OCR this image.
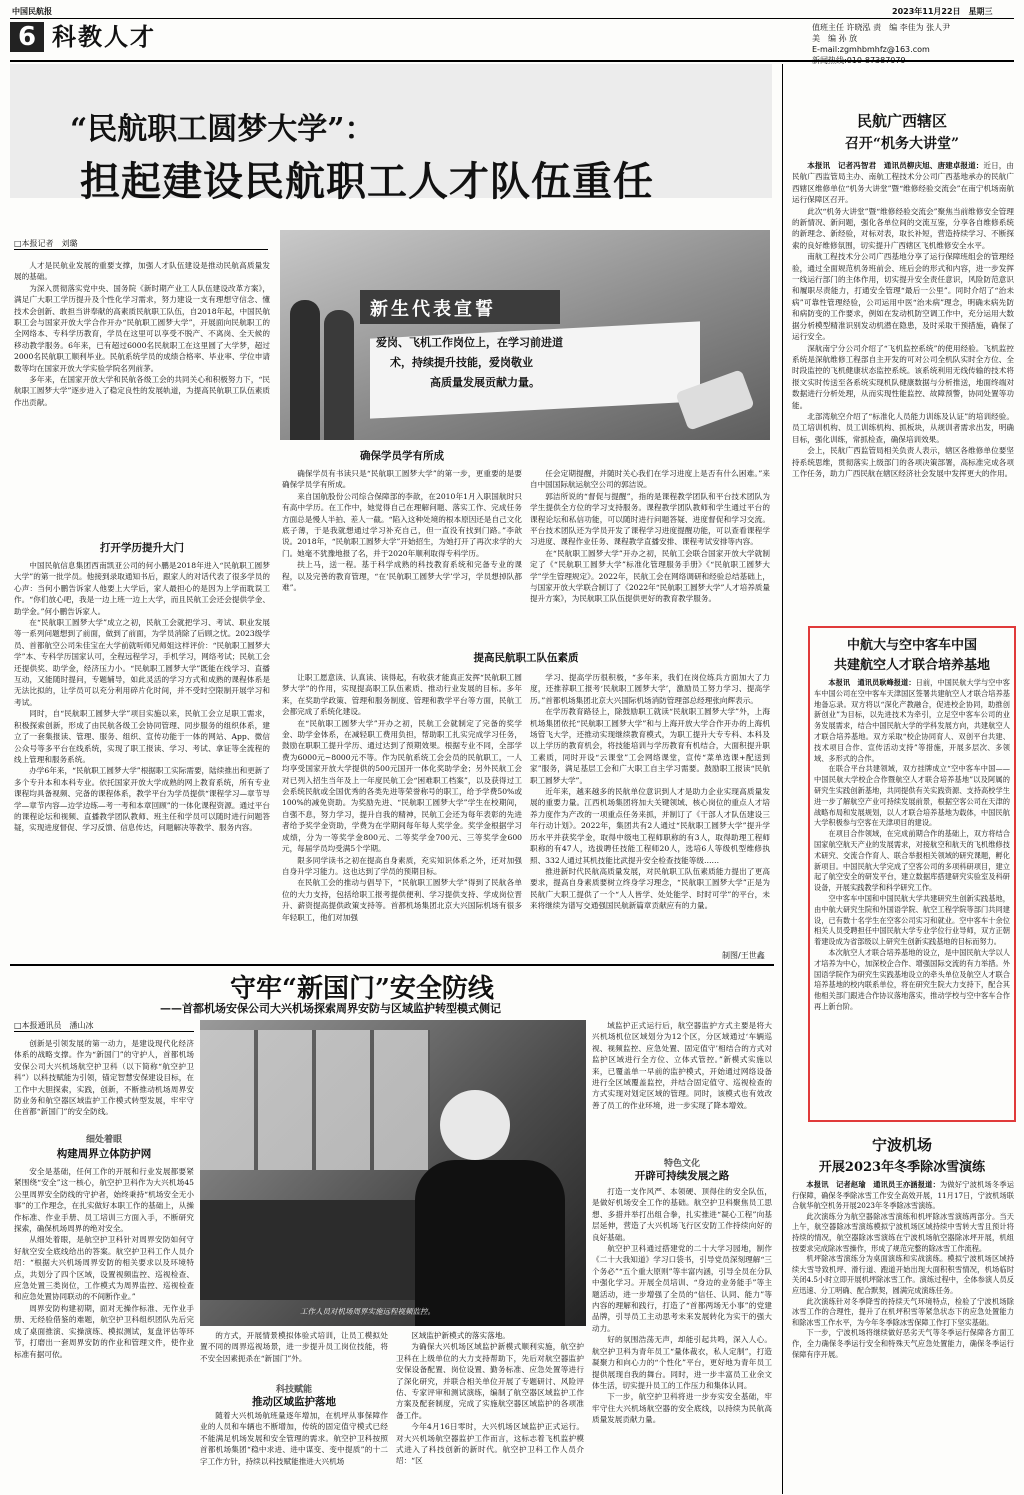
中国民航报	2023年11月22日　 星期三
6 科教人才	值班主任 许晓泓 责　编 李佳为 张人尹
美　编 孙 放
E-mail:zgmhbmhfz@163.com
“民航职工圆梦大学”：
担起建设民航职工人才队伍重任
□本报记者　刘璐

人才是民航业发展的重要支撑，加强人才队伍建设是推动民航高质量发展的基础。

为深入贯彻落实党中央、国务院《新时期产业工人队伍建设改革方案》，满足广大职工学历提升及个性化学习需求，努力建设一支有理想守信念、懂技术会创新、敢担当讲奉献的高素质民航职工队伍，自2018年起，中国民航职工会与国家开放大学合作开办“民航职工圆梦大学”，开展面向民航职工的全网络本、专科学历教育，学员在这里可以享受不脱产、不离岗、全天候的移动教学服务。6年来，已有超过6000名民航职工在这里圆了大学梦，超过2000名民航职工顺利毕业。民航系统学员的成绩合格率、毕业率、学位申请数等均在国家开放大学实验学院名列前茅。

多年来，在国家开放大学和民航各级工会的共同关心和积极努力下，“民航职工圆梦大学”逐步进入了稳定良性的发展轨道，为提高民航职工队伍素质作出贡献。

新生代表宣誓
爱岗、飞机工作岗位上，在学习前进道
术，持续提升技能，爱岗敬业
高质量发展贡献力量。
打开学历提升大门

中国民航信息集团西南凯亚公司的何小鹏是2018年进入“民航职工圆梦大学”的第一批学员。他接到录取通知书后，跟家人的对话代表了很多学员的心声：当何小鹏告诉家人他要上大学后，家人最担心的是因为上学而耽误工作。“你们放心吧，我是一边上班一边上大学，而且民航工会还会提供学金、助学金。”何小鹏告诉家人。

在“民航职工圆梦大学”成立之初，民航工会就把学习、考试、职业发展等一系列问题想到了前面，做到了前面，为学员消除了后顾之忧。2023级学员、首都航空公司朱佳宝在大学前就听师兄师姐这样评价：“民航职工圆梦大学”本、专科学历国家认可，全程远程学习，手机学习，网络考试；民航工会还提供奖、助学金，经济压力小。“民航职工圆梦大学”既能在线学习、直播互动，又能随时提问，专题辅导，如此灵活的学习方式和成熟的课程体系是无法比拟的，让学员可以充分利用碎片化时间，并不受时空限制开展学习和考试。

同时，自“民航职工圆梦大学”项目实施以来，民航工会立足职工需求，积极探索创新，形成了由民航各级工会协同管理、同步服务的组织体系，建立了一套集报读、管理、服务、组织、宣传功能于一体的网站、App、微信公众号等多平台在线系统，实现了职工报读、学习、考试、拿证等全流程的线上管理和服务系统。

办学6年来，“民航职工圆梦大学”根据职工实际需要，陆续推出和更新了多个专升本和本科专业。依托国家开放大学成熟的网上教育系统，所有专业课程均具备视频、完备的课程体系，教学平台为学员提供“课程学习—章节导学—章节内容—边学边练—考一考和本章回顾”的一体化课程资源。通过平台的课程论坛和视频、直播教学团队教师、班主任和学员可以随时进行问题答疑，实现进度督促、学习反馈、信息传达，问题解决等教学、服务内容。

确保学员学有所成

确保学员有书读只是“民航职工圆梦大学”的第一步，更重要的是要确保学员学有所成。

来自国航股份公司综合保障部的李歆，在2010年1月入职国航时只有高中学历。在工作中，她觉得自己在理解问题、落实工作、完成任务方面总是慢人半拍、差人一截。“陷入这种处境的根本原因还是自己文化底子薄，于是我就想通过学习补充自己，但一直没有找到门路。”李歆说。2018年，“民航职工圆梦大学”开始招生，为她打开了再次求学的大门。她毫不犹豫地报了名，并于2020年顺利取得专科学历。

扶上马，送一程。基于科学成熟的科技教育系统和完备专业的课程，以及完善的教育管理，“在‘民航职工圆梦大学’学习，学员想掉队都难”。

任会定期提醒，并随时关心我们在学习进度上是否有什么困难。”来自中国国际航运航空公司的郭洁说。

郭洁所说的“督促与提醒”，指的是课程教学团队和平台技术团队为学生提供全方位的学习支持服务。课程教学团队教师和学生通过平台的课程论坛和私信功能，可以随时进行问题答疑、进度督促和学习交流。平台技术团队还为学员开发了课程学习进度提醒功能，可以查看课程学习进度、课程作业任务、课程教学直播安排、课程考试安排等内容。

在“民航职工圆梦大学”开办之初，民航工会联合国家开放大学就制定了《“民航职工圆梦大学”标准化管理服务手册》《“民航职工圆梦大学”学生管理规定》。2022年，民航工会在网络调研和经验总结基础上，与国家开放大学联合制订了《2022年“民航职工圆梦大学”人才培养质量提升方案》，为民航职工队伍提供更好的教育教学服务。

提高民航职工队伍素质

让职工愿意读、认真读、读得起，有收获才能真正发挥“民航职工圆梦大学”的作用，实现提高职工队伍素质、推动行业发展的目标。多年来，在奖助学政策、管理和服务制度、管理和教学平台等方面，民航工会都完成了系统化建设。

在“民航职工圆梦大学”开办之初，民航工会就制定了完备的奖学金、助学金体系，在减轻职工费用负担，帮助职工扎实完成学习任务，鼓励在职职工提升学历、通过达到了预期效果。根据专业不同，全部学费为6000元~8000元不等。作为民航系统工会会员的民航职工，一人均享受国家开放大学提供的500元国开一体化奖助学金；另外民航工会对已列入招生当年及上一年度民航工会“困难职工档案”，以及获得过工会系统民航或全国优秀的各类先进等荣誉称号的职工，给予学费50%或100%的减免资助。为奖励先进、“民航职工圆梦大学”学生在校期间，自强不息，努力学习，提升自我的精神，民航工会还为每年表彰的先进者给予奖学金资助，学费为在学期间每年每人奖学金。奖学金根据学习成绩，分为一等奖学金800元、二等奖学金700元、三等奖学金600元，每届学员均受满5个学期。

限多同学读书之初在提高自身素质，充实知识体系之外，还对加强自身升学习能力。这也达到了学员的预期目标。

在民航工会的推动与倡导下，“民航职工圆梦大学”得到了民航各单位的大力支持，包括给职工报考提供便利、学习提供支持、学成岗位晋升、薪资提高提供政策支持等。首都机场集团北京大兴国际机场有很多年轻职工，他们对加强

学习、提高学历很积极，“多年来，我们在岗位练兵方面加大了力度，还推荐职工报考‘民航职工圆梦大学’，激励员工努力学习、提高学历。”首都机场集团北京大兴国际机场消防管理部总经理张向辉表示。

在学历教育路径上，除鼓励职工就读“民航职工圆梦大学”外，上海机场集团依托“民航职工圆梦大学”和与上海开放大学合作开办的上海机场管飞大学，还推动实现继续教育模式，为职工提升大专专科、本科及以上学历的教育机会，将技能培训与学历教育有机结合，大面积提升职工素质，同时开设“云课堂”工会网络课堂，宣传“菜单选课+配送到家”服务，满足基层工会和广大职工自主学习需要。鼓励职工报读“民航职工圆梦大学”。

近年来，越来越多的民航单位意识到人才是助力企业实现高质量发展的重要力量。江西机场集团将加大关键领域、核心岗位的重点人才培养力度作为产改的一项重点任务来抓，并制订了《干部人才队伍建设三年行动计划》。2022年，集团共有2人通过“民航职工圆梦大学”提升学历水平并获奖学金，取得中级电工程师职称的有3人，取得助理工程师职称的有47人，选拔聘任技能工程师20人，选培6人等级机型维修执照、332人通过其机技能比武提升安全检查技能等级……

推进新时代民航高质量发展，对民航职工队伍素质能力提出了更高要求，提高自身素质要树立终身学习理念，“民航职工圆梦大学”正是为民航广大职工提供了一个“人人皆学、处处能学、时时可学”的平台，未来将继续为谱写交通强国民航新篇章贡献应有的力量。

制图/王世鑫
守牢“新国门”安全防线
——首都机场安保公司大兴机场探索周界安防与区域监护转型模式侧记
□本报通讯员　潘山冰

创新是引领发展的第一动力，是建设现代化经济体系的战略支撑。作为“新国门”的守护人，首都机场安保公司大兴机场航空护卫科（以下简称“航空护卫科”）以科技赋能为引领，锚定智慧安保建设目标，在工作中大胆探索，实践，创新，不断推动机场周界安防业务和航空器区域监护工作模式转型发展，牢牢守住首都“新国门”的安全防线。

细处着眼
构建周界立体防护网

安全是基础，任何工作的开展和行业发展都要紧紧围绕“安全”这一核心，航空护卫科作为大兴机场45公里周界安全防线的守护者，始终秉持“机场安全无小事”的工作理念，在扎实做好本职工作的基础上，从操作标准、作业手册、员工培训三方面入手，不断研究探索，确保机场周界的绝对安全。

从细处着眼，是航空护卫科针对周界安防如何守好航空安全底线给出的答案。航空护卫科工作人员介绍：“根据大兴机场周界安防的相关要求以及环境特点，共划分了四个区域，设置视频监控、巡视检查、应急处置三类岗位，工作模式为周界监控、巡视检查和应急处置协同联动的不间断作业。”

周界安防构建初期，面对无操作标准、无作业手册、无经验借鉴的难题，航空护卫科组织团队先后完成了桌面推演、实操演练、模拟测试，复盘评估等环节，打磨出一套周界安防的作业和管理文件，使作业标准有据可依。

工作人员对机场周界实施远程视频监控。

的方式，开展情景模拟体验式培训，让员工模拟处置不同的周界巡视场景，进一步提升员工岗位技能，将不安全因素扼杀在“新国门”外。

科技赋能
推动区域监护落地

随着大兴机场航班量逐年增加，在机坪从事保障作业的人员和车辆也不断增加，传统的固定值守模式已经不能满足机场发展和安全管理的需求。航空护卫科按照首都机场集团“稳中求进、进中谋变、变中提质”的十二字工作方针，持续以科技赋能推进大兴机场

区域监护新模式的落实落地。

为确保大兴机场区域监护新模式顺利实施，航空护卫科在上级单位的大力支持帮助下，先后对航空器监护安保设备配置、岗位设置、勤务标准、应急处置等进行了深化研究，并联合相关单位开展了专题研讨、风险评估、专家评审和测试演练，编制了航空器区域监护工作方案及配套制度，完成了实施航空器区域监护的各项准备工作。

今年4月16日零时，大兴机场区域监护正式运行。对大兴机场航空器监护工作而言，这标志着飞机监护模式进入了科技创新的新时代。航空护卫科工作人员介绍：“区

域监护正式运行后，航空器监护方式主要是将大兴机场机位区域划分为12个区，分区域通过‘车辆巡视、视频监控、应急处置、固定值守’相结合的方式对监护区域进行全方位、立体式管控。”新模式实施以来，已覆盖单一早前的监护模式，开始通过网络设备进行全区域覆盖监控，并结合固定值守、巡视检查的方式实现对划定区域的管理。同时，该模式也有效改善了员工的作业环境，进一步实现了降本增效。

特色文化
开辟可持续发展之路

打造一支作风严、本领硬、顶得住的安全队伍，是做好机场安全工作的基础。航空护卫科聚焦员工思想、多措并举打出组合拳，扎实推进“凝心工程”向基层延伸，营造了大兴机场飞行区安防工作持续向好的良好基础。

航空护卫科通过搭建党的二十大学习园地，制作《二十大我知道》学习口袋书，引导党员深刻理解“三个务必”“五个重大原则”等丰富内涵，引导全员在分队中强化学习。开展全员培训、“身边的业务能手”等主题活动，进一步增强了全员的“信任、认同、能力”等内容的理解和践行，打造了“首都两场无小事”的党建品牌，引导员工主动思考未来发展转化为实干的强大动力。

好的氛围浩荡无声，却能引起共鸣，深入人心。航空护卫科为青年员工“量体裁衣，私人定制”，打造凝聚力和向心力的“个性化”平台，更好地为青年员工提供展现自我的舞台。同时，进一步丰富员工业余文体生活，切实提升员工的工作压力和集体认同。

下一步，航空护卫科将进一步夯实安全基础，牢牢守住大兴机场航空器的安全底线，以持续为民航高质量发展贡献力量。

民航广西辖区
召开“机务大讲堂”

本报讯　记者冯智君　通讯员柳庆旭、唐建卓报道：近日，由民航广西监管局主办、南航工程技术分公司广西基地承办的民航广西辖区维修单位“机务大讲堂”暨“维修经验交流会”在南宁机场南航运行保障区召开。

此次“机务大讲堂”暨“维修经验交流会”聚焦当前维修安全管理的新情况、新问题，强化各单位间的交流互鉴，分享各自维修系统的新理念、新经验，对标对表，取长补短，营造持续学习、不断探索的良好维修氛围，切实提升广西辖区飞机维修安全水平。

南航工程技术分公司广西基地分享了运行保障班组会的管理经验，通过全面规范机务班前会、班后会的形式和内容，进一步发挥一线运行部门的主体作用，切实提升安全责任意识，风险防范意识和履职尽责能力，打通安全管理“最后一公里”。同时介绍了“治未病”可靠性管理经验，公司运用中医“治未病”理念，明确未病先防和病防变的工作要求，例如在发动机防空调工作中，充分运用大数据分析模型精准识别发动机潜在隐患，及时采取干预措施，确保了运行安全。

深航南宁分公司介绍了“飞机监控系统”的使用经验。飞机监控系统是深航维修工程部自主开发的可对公司全机队实时全方位、全时段监控的飞机健康状态监控系统。该系统利用无线传输的技术将报文实时传送至各系统实现机队健康数据与分析推送，地面终端对数据进行分析处理，从而实现性能监控、故障预警，协同处置等功能。

北部湾航空介绍了“标准化人员能力训练及认证”的培训经验。员工培训机构、员工训练机构、抓板块，从规训者需求出发，明确目标，强化训练，常抓检查，确保培训效果。

会上，民航广西监管局相关负责人表示，辖区各维修单位要坚持系统思维，贯彻落实上级部门的各项决策部署，高标准完成各项工作任务，助力广西民航在辖区经济社会发展中发挥更大的作用。

中航大与空中客车中国
共建航空人才联合培养基地

本报讯　通讯员耿峰报道：日前，中国民航大学与空中客车中国公司在空中客车天津国区签署共建航空人才联合培养基地备忘录。双方将以“深化产教融合，促进校企协同，助推创新创业”为目标，以先进技术为牵引，立足空中客车公司的业务发展需求，结合中国民航大学的学科发展方向，共建航空人才联合培养基地。双方采取“校企协同育人、双创平台共建、技术项目合作、宣传活动支持”等措施，开展多层次、多领域、多形式的合作。

在联合平台共建领域，双方挂牌成立“空中客车中国——中国民航大学校企合作暨航空人才联合培养基地”以及阿属的研究生实践创新基地，共同提供有关实践资源、支持高校学生进一步了解航空产业可持续发展前景，根据空客公司在天津的战略布局和发展规划，以人才联合培养基地为载体，中国民航大学积极参与空客在天津项目的建设。

在项目合作领域，在完成前期合作的基础上，双方将结合国家航空航天产业的发展需求，对接航空和航天的飞机维修技术研究、交流合作育人、联合举报相关领域的研究课题，孵化新项目。中国民航大学完成了空客公司的多项科研项目，建立起了航空安全的研发平台，建立数据库搭建研究实验室及科研设备，开展实践教学和科学研究工作。

空中客车中国和中国民航大学共建研究生创新实践基地，由中航大研究生院和外国语学院、航空工程学院等部门共同建设，已有数十名学生在空客公司实习和就业。空中客车十余位相关人员受聘担任中国民航大学专业学位行业导师，双方正朝着建设成为省部级以上研究生创新实践基地的目标而努力。

本次航空人才联合培养基地的设立，是中国民航大学以人才培养为中心，加深校企合作、增强国际交流的有力举措。外国语学院作为研究生实践基地设立的牵头单位及航空人才联合培养基地的校内联系单位，将在研究生院大力支持下，配合其他相关部门跟进合作协议落地落实，推动学校与空中客车合作再上新台阶。

宁波机场
开展2023年冬季除冰雪演练

本报讯　记者赵瑜　通讯员王亦涵报道：为做好宁波机场冬季运行保障，确保冬季除冰雪工作安全高效开展，11月17日，宁波机场联合航华航空机务开展2023年冬季除冰雪演练。

此次演练分为航空器除冰雪演练和机坪除冰雪演练两部分。当天上午，航空器除冰雪演练模拟宁波机场区域持续中雪转大雪且预计将持续的情况，航空器除冰雪演练在宁波机场航空器除冰坪开展，机组按要求完成除冰雪操作，形成了规范完整的除冰雪工作流程。

机坪除冰雪演练分为桌面演练和实战演练。模拟宁波机场区域持续大雪导致机坪、滑行道、跑道开始出现大面积积雪情况，机场临时关闭4.5小时立即开展机坪除冰雪工作。演练过程中，全体参演人员反应迅速、分工明确、配合默契，圆满完成演练任务。

此次演练针对冬季降雪的持续天气环境特点，检验了宁波机场除冰雪工作的合理性，提升了在机坪积雪等紧急状态下的应急处置能力和除冰雪工作水平，为今年冬季除冰雪保障工作打下坚实基础。

下一步，宁波机场将继续做好恶劣天气等冬季运行保障各方面工作，全力确保冬季运行安全和特殊天气应急处置能力，确保冬季运行保障有序开展。
